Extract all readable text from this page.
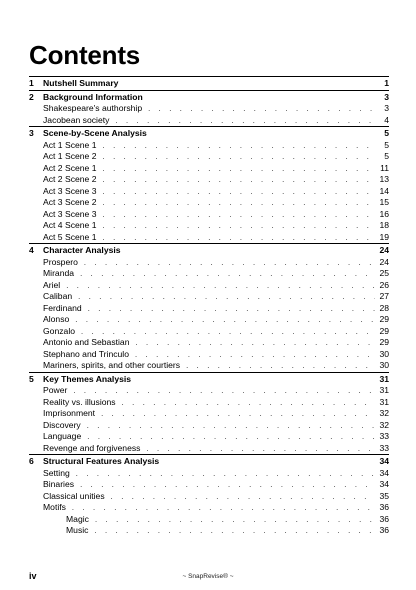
Contents
1	Nutshell Summary	1
2	Background Information	3
Shakespeare's authorship . . .	3
Jacobean society . . .	4
3	Scene-by-Scene Analysis	5
Act 1 Scene 1 . . .	5
Act 1 Scene 2 . . .	5
Act 2 Scene 1 . . .	11
Act 2 Scene 2 . . .	13
Act 3 Scene 3 . . .	14
Act 3 Scene 2 . . .	15
Act 3 Scene 3 . . .	16
Act 4 Scene 1 . . .	18
Act 5 Scene 1 . . .	19
4	Character Analysis	24
Prospero . . .	24
Miranda . . .	25
Ariel . . .	26
Caliban . . .	27
Ferdinand . . .	28
Alonso . . .	29
Gonzalo . . .	29
Antonio and Sebastian . . .	29
Stephano and Trinculo . . .	30
Mariners, spirits, and other courtiers . . .	30
5	Key Themes Analysis	31
Power . . .	31
Reality vs. illusions . . .	31
Imprisonment . . .	32
Discovery . . .	32
Language . . .	33
Revenge and forgiveness . . .	33
6	Structural Features Analysis	34
Setting . . .	34
Binaries . . .	34
Classical unities . . .	35
Motifs . . .	36
Magic . . .	36
Music . . .	36
iv	~ SnapRevise® ~
